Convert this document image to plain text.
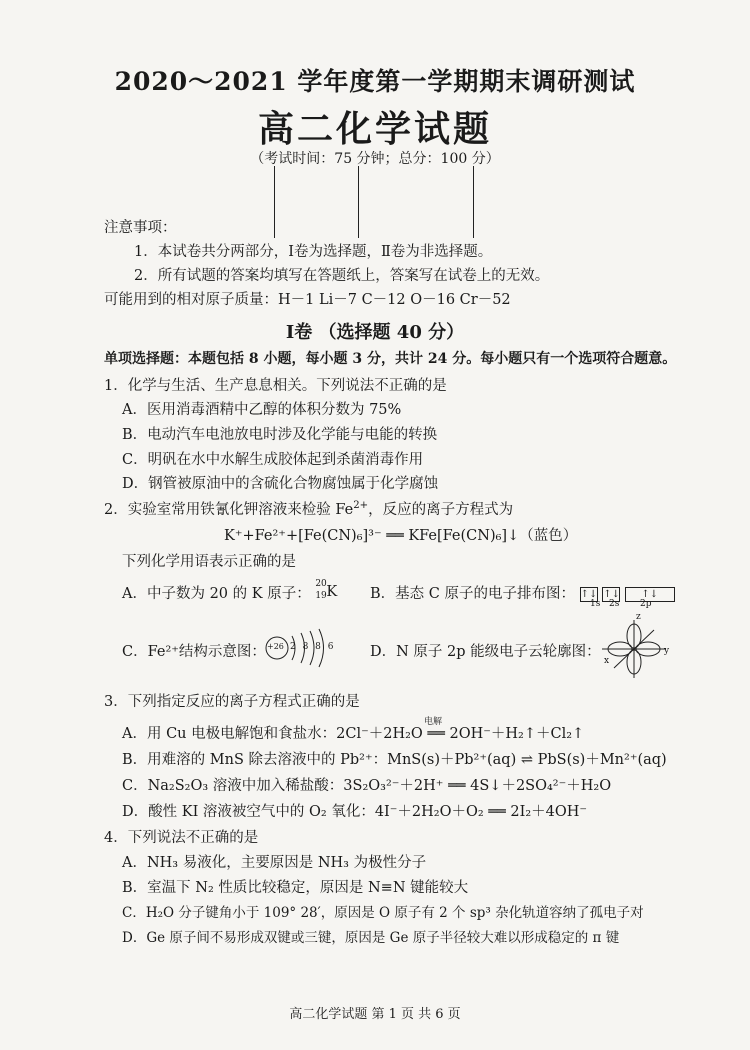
2020～2021 学年度第一学期期末调研测试
高二化学试题
（考试时间：75 分钟；总分：100 分）
注意事项：
1．本试卷共分两部分，Ⅰ卷为选择题，Ⅱ卷为非选择题。
2．所有试题的答案均填写在答题纸上，答案写在试卷上的无效。
可能用到的相对原子质量：H－1 Li－7 C－12 O－16 Cr－52
Ⅰ卷 （选择题 40 分）
单项选择题：本题包括 8 小题，每小题 3 分，共计 24 分。每小题只有一个选项符合题意。
1．化学与生活、生产息息相关。下列说法不正确的是
A．医用消毒酒精中乙醇的体积分数为 75%
B．电动汽车电池放电时涉及化学能与电能的转换
C．明矾在水中水解生成胶体起到杀菌消毒作用
D．钢管被原油中的含硫化合物腐蚀属于化学腐蚀
2．实验室常用铁氰化钾溶液来检验 $Fe^{2+}$，反应的离子方程式为
K⁺+Fe²⁺+[Fe(CN)₆]³⁻ ══ KFe[Fe(CN)₆]↓（蓝色）
下列化学用语表示正确的是
A．中子数为 20 的 K 原子：
20
19 K B．基态 C 原子的电子排布图： ↑↓ ↑↓ ↑↓
1s 2s 2p
C．Fe²⁺结构示意图： +26 2 8 8 6 D．N 原子 2p 能级电子云轮廓图：
z
x
y
3．下列指定反应的离子方程式正确的是
电解
A．用 Cu 电极电解饱和食盐水：2Cl⁻＋2H₂O ══ 2OH⁻＋H₂↑＋Cl₂↑
B．用难溶的 MnS 除去溶液中的 Pb²⁺：MnS(s)＋Pb²⁺(aq) ⇌ PbS(s)＋Mn²⁺(aq)
C．Na₂S₂O₃ 溶液中加入稀盐酸：3S₂O₃²⁻＋2H⁺ ══ 4S↓＋2SO₄²⁻＋H₂O
D．酸性 KI 溶液被空气中的 O₂ 氧化：4I⁻＋2H₂O＋O₂ ══ 2I₂＋4OH⁻
4．下列说法不正确的是
A．NH₃ 易液化，主要原因是 NH₃ 为极性分子
B．室温下 N₂ 性质比较稳定，原因是 N≡N 键能较大
C．H₂O 分子键角小于 109° 28′，原因是 O 原子有 2 个 sp³ 杂化轨道容纳了孤电子对
D．Ge 原子间不易形成双键或三键，原因是 Ge 原子半径较大难以形成稳定的 π 键
高二化学试题 第 1 页 共 6 页
